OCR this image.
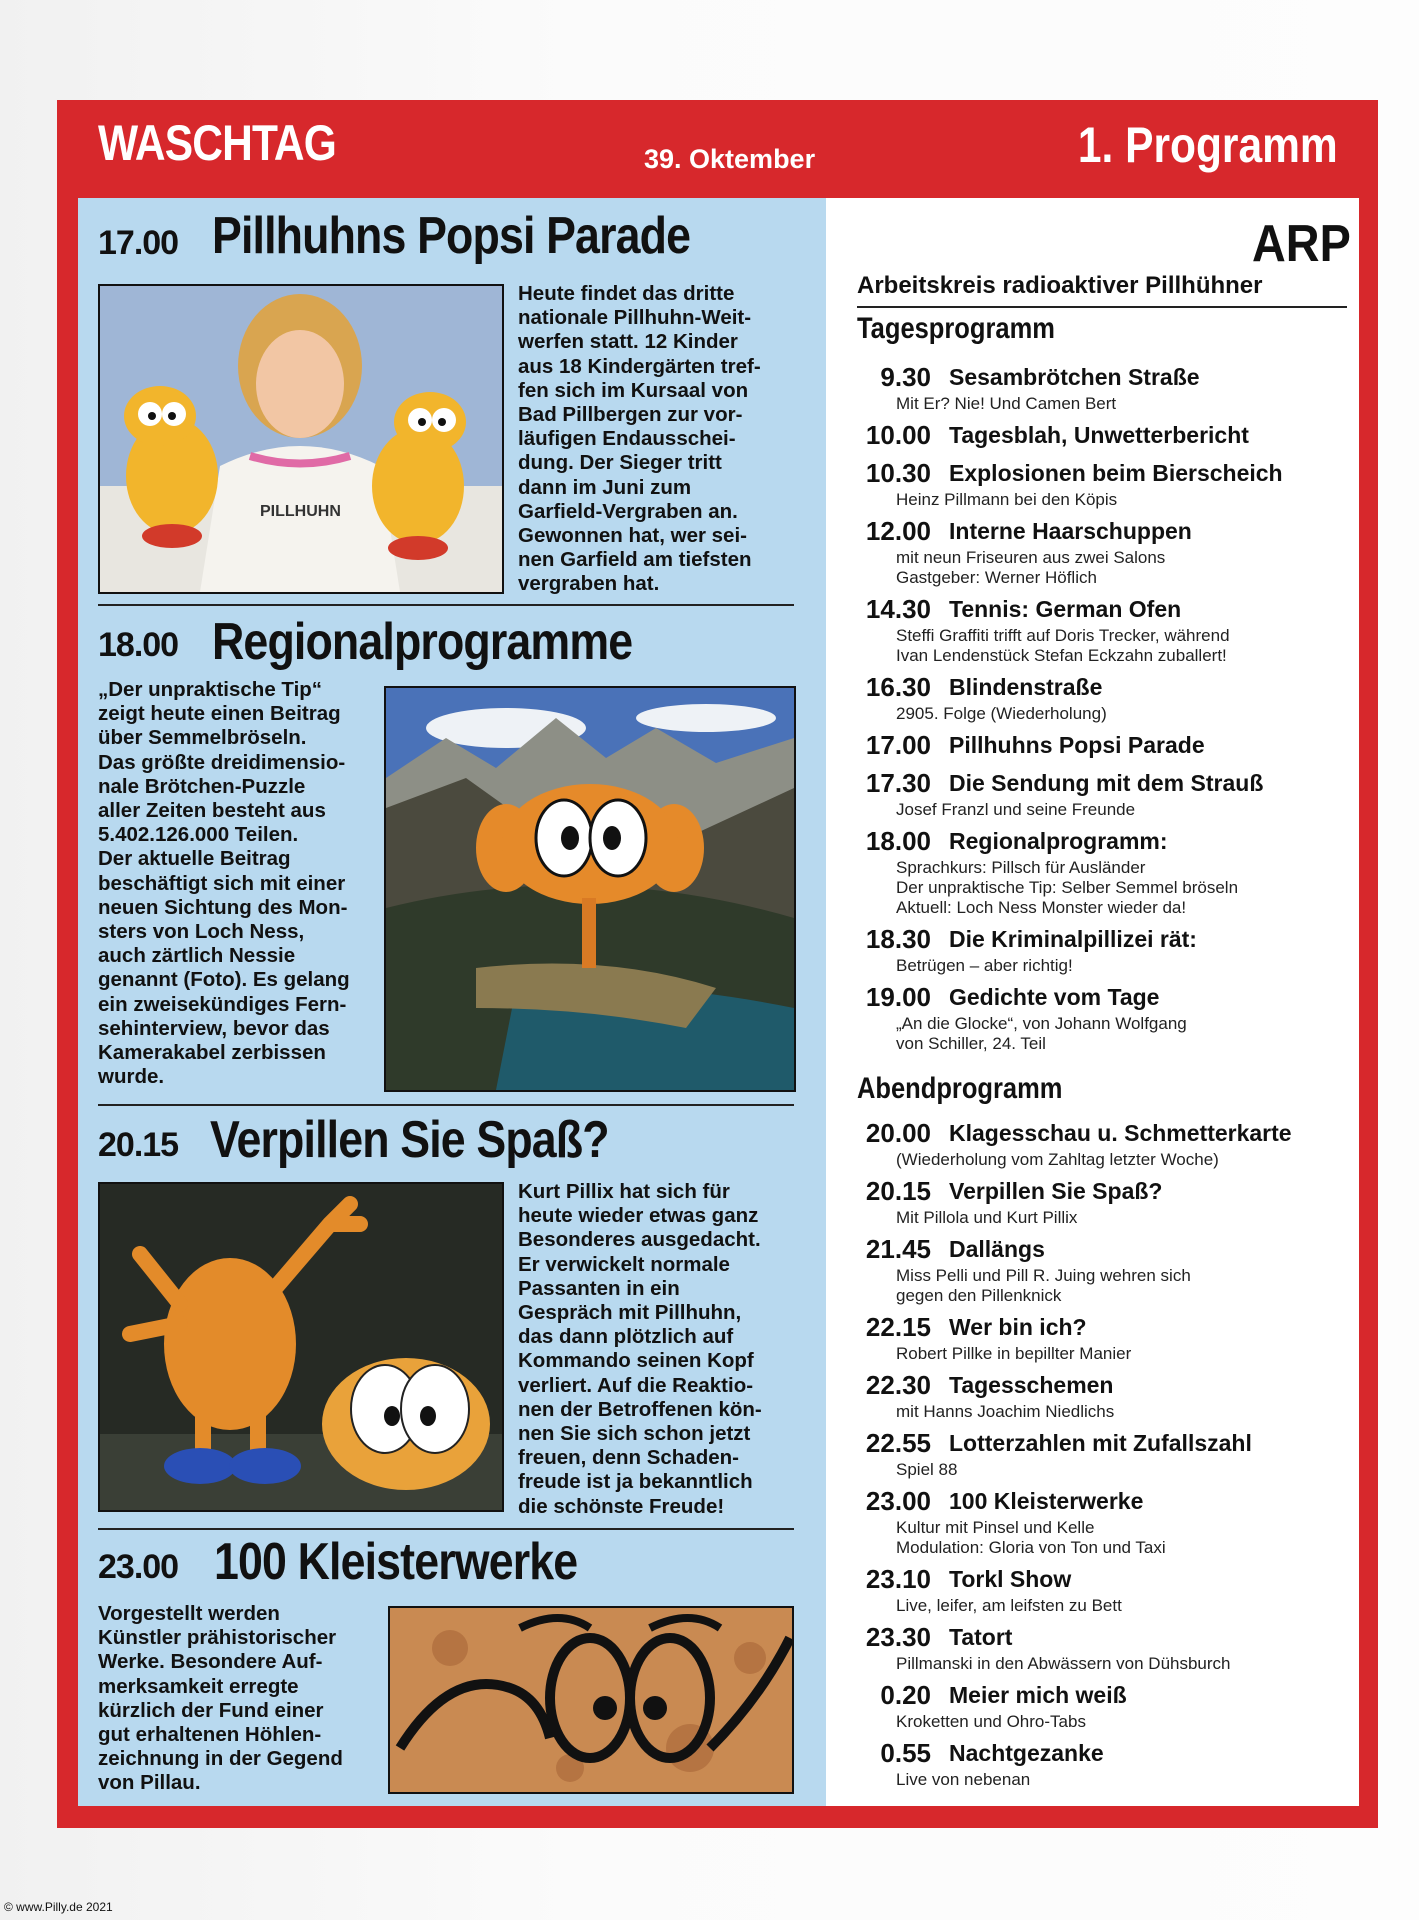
WASCHTAG	39. Oktember	1. Programm
17.00 Pillhuhns Popsi Parade
PILLHUHN
Heute findet das dritte
nationale Pillhuhn-Weit-
werfen statt. 12 Kinder
aus 18 Kindergärten tref-
fen sich im Kursaal von
Bad Pillbergen zur vor-
läufigen Endausschei-
dung. Der Sieger tritt
dann im Juni zum
Garfield-Vergraben an.
Gewonnen hat, wer sei-
nen Garfield am tiefsten
vergraben hat.
18.00 Regionalprogramme
„Der unpraktische Tip“
zeigt heute einen Beitrag
über Semmelbröseln.
Das größte dreidimensio-
nale Brötchen-Puzzle
aller Zeiten besteht aus
5.402.126.000 Teilen.
Der aktuelle Beitrag
beschäftigt sich mit einer
neuen Sichtung des Mon-
sters von Loch Ness,
auch zärtlich Nessie
genannt (Foto). Es gelang
ein zweisekündiges Fern-
sehinterview, bevor das
Kamerakabel zerbissen
wurde.
20.15 Verpillen Sie Spaß?
Kurt Pillix hat sich für
heute wieder etwas ganz
Besonderes ausgedacht.
Er verwickelt normale
Passanten in ein
Gespräch mit Pillhuhn,
das dann plötzlich auf
Kommando seinen Kopf
verliert. Auf die Reaktio-
nen der Betroffenen kön-
nen Sie sich schon jetzt
freuen, denn Schaden-
freude ist ja bekanntlich
die schönste Freude!
23.00 100 Kleisterwerke
Vorgestellt werden
Künstler prähistorischer
Werke. Besondere Auf-
merksamkeit erregte
kürzlich der Fund einer
gut erhaltenen Höhlen-
zeichnung in der Gegend
von Pillau.
ARP
Arbeitskreis radioaktiver Pillhühner
Tagesprogramm
Abendprogramm
© www.Pilly.de 2021
9.30 Sesambrötchen Straße
Mit Er? Nie! Und Camen Bert
10.00 Tagesblah, Unwetterbericht
10.30 Explosionen beim Bierscheich
Heinz Pillmann bei den Köpis
12.00 Interne Haarschuppen
mit neun Friseuren aus zwei Salons
Gastgeber: Werner Höflich
14.30 Tennis: German Ofen
Steffi Graffiti trifft auf Doris Trecker, während
Ivan Lendenstück Stefan Eckzahn zuballert!
16.30 Blindenstraße
2905. Folge (Wiederholung)
17.00 Pillhuhns Popsi Parade
17.30 Die Sendung mit dem Strauß
Josef Franzl und seine Freunde
18.00 Regionalprogramm:
Sprachkurs: Pillsch für Ausländer
Der unpraktische Tip: Selber Semmel bröseln
Aktuell: Loch Ness Monster wieder da!
18.30 Die Kriminalpillizei rät:
Betrügen – aber richtig!
19.00 Gedichte vom Tage
„An die Glocke“, von Johann Wolfgang
von Schiller, 24. Teil
20.00 Klagesschau u. Schmetterkarte
(Wiederholung vom Zahltag letzter Woche)
20.15 Verpillen Sie Spaß?
Mit Pillola und Kurt Pillix
21.45 Dallängs
Miss Pelli und Pill R. Juing wehren sich
gegen den Pillenknick
22.15 Wer bin ich?
Robert Pillke in bepillter Manier
22.30 Tagesschemen
mit Hanns Joachim Niedlichs
22.55 Lotterzahlen mit Zufallszahl
Spiel 88
23.00 100 Kleisterwerke
Kultur mit Pinsel und Kelle
Modulation: Gloria von Ton und Taxi
23.10 Torkl Show
Live, leifer, am leifsten zu Bett
23.30 Tatort
Pillmanski in den Abwässern von Dühsburch
0.20 Meier mich weiß
Kroketten und Ohro-Tabs
0.55 Nachtgezanke
Live von nebenan
